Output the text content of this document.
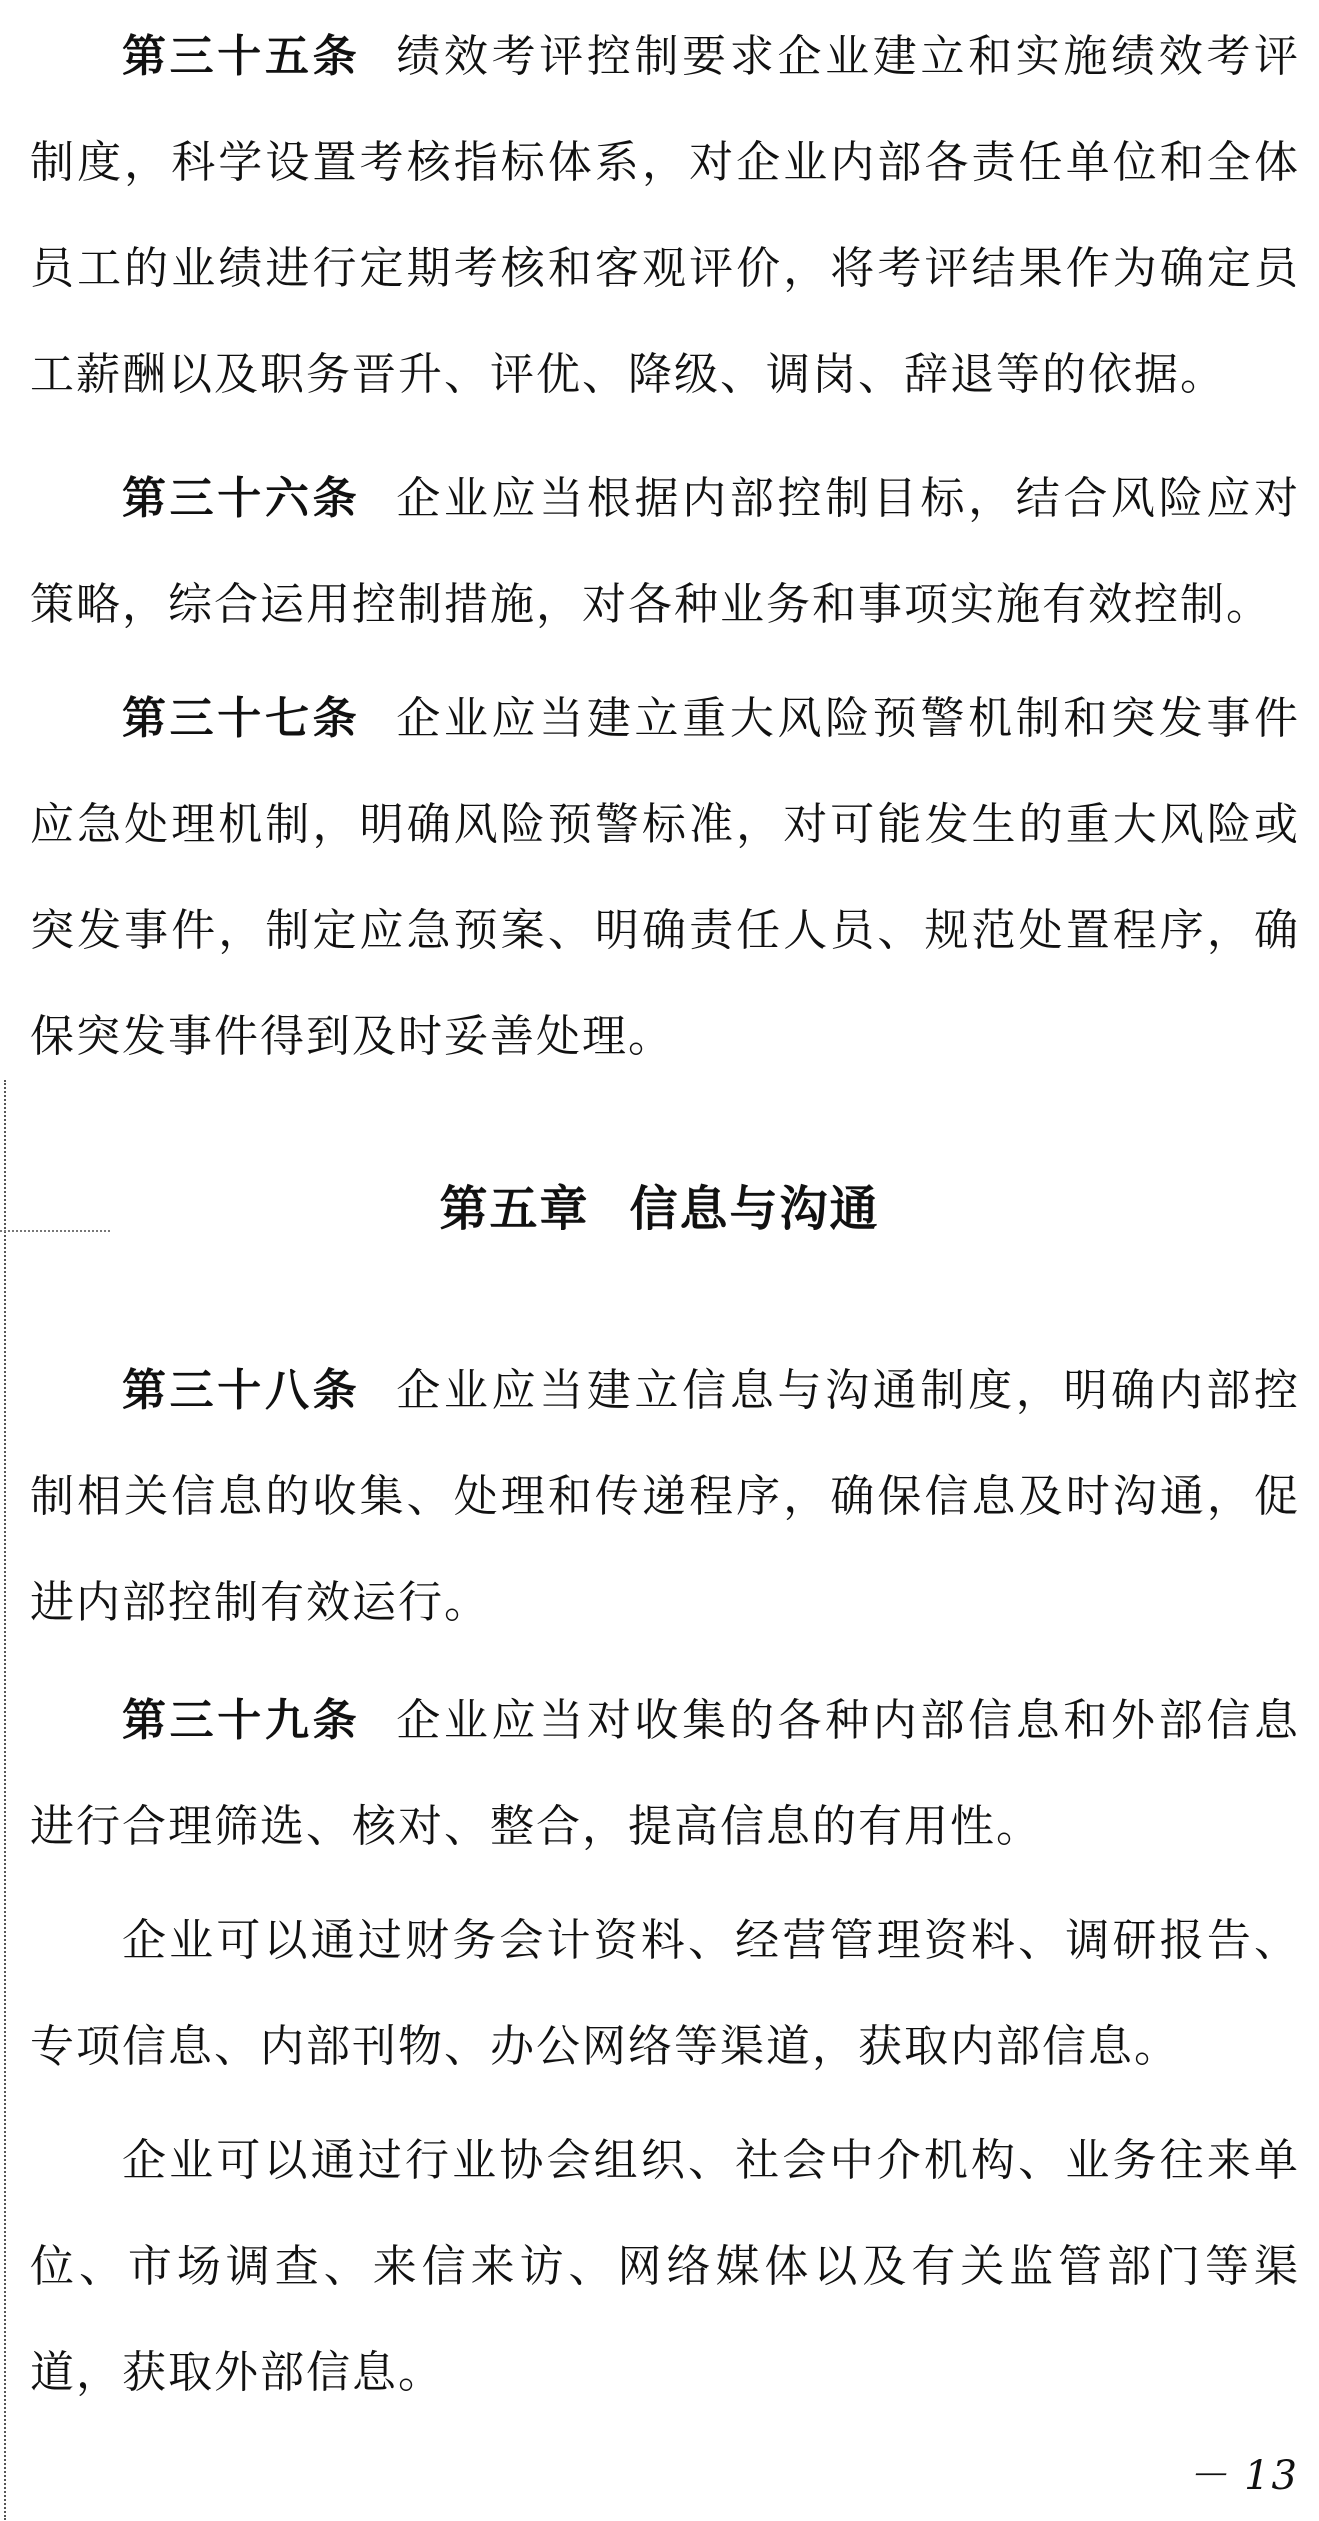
第三十五条 绩效考评控制要求企业建立和实施绩效考评制度，科学设置考核指标体系，对企业内部各责任单位和全体员工的业绩进行定期考核和客观评价，将考评结果作为确定员工薪酬以及职务晋升、评优、降级、调岗、辞退等的依据。

第三十六条 企业应当根据内部控制目标，结合风险应对策略，综合运用控制措施，对各种业务和事项实施有效控制。

第三十七条 企业应当建立重大风险预警机制和突发事件应急处理机制，明确风险预警标准，对可能发生的重大风险或突发事件，制定应急预案、明确责任人员、规范处置程序，确保突发事件得到及时妥善处理。

第五章 信息与沟通

第三十八条 企业应当建立信息与沟通制度，明确内部控制相关信息的收集、处理和传递程序，确保信息及时沟通，促进内部控制有效运行。

第三十九条 企业应当对收集的各种内部信息和外部信息进行合理筛选、核对、整合，提高信息的有用性。

企业可以通过财务会计资料、经营管理资料、调研报告、专项信息、内部刊物、办公网络等渠道，获取内部信息。

企业可以通过行业协会组织、社会中介机构、业务往来单位、市场调查、来信来访、网络媒体以及有关监管部门等渠道，获取外部信息。

－ 13
